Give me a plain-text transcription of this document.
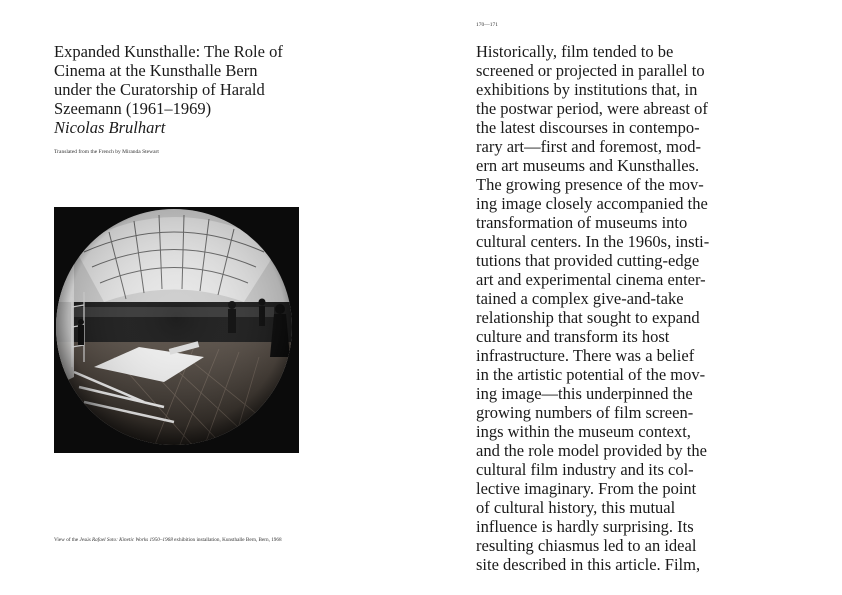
Expanded Kunsthalle: The Role of
Cinema at the Kunsthalle Bern
under the Curatorship of Harald
Szeemann (1961–1969)
Nicolas Brulhart
Translated from the French by Miranda Stewart
View of the Jesús Rafael Soto: Kinetic Works 1950–1968 exhibition installation, Kunsthalle Bern, Bern, 1968
170—171
Historically, film tended to be
screened or projected in parallel to
exhibitions by institutions that, in
the postwar period, were abreast of
the latest discourses in contempo-
rary art—first and foremost, mod-
ern art museums and Kunsthalles.
The growing presence of the mov-
ing image closely accompanied the
transformation of museums into
cultural centers. In the 1960s, insti-
tutions that provided cutting-edge
art and experimental cinema enter-
tained a complex give-and-take
relationship that sought to expand
culture and transform its host
infrastructure. There was a belief
in the artistic potential of the mov-
ing image—this underpinned the
growing numbers of film screen-
ings within the museum context,
and the role model provided by the
cultural film industry and its col-
lective imaginary. From the point
of cultural history, this mutual
influence is hardly surprising. Its
resulting chiasmus led to an ideal
site described in this article. Film,
